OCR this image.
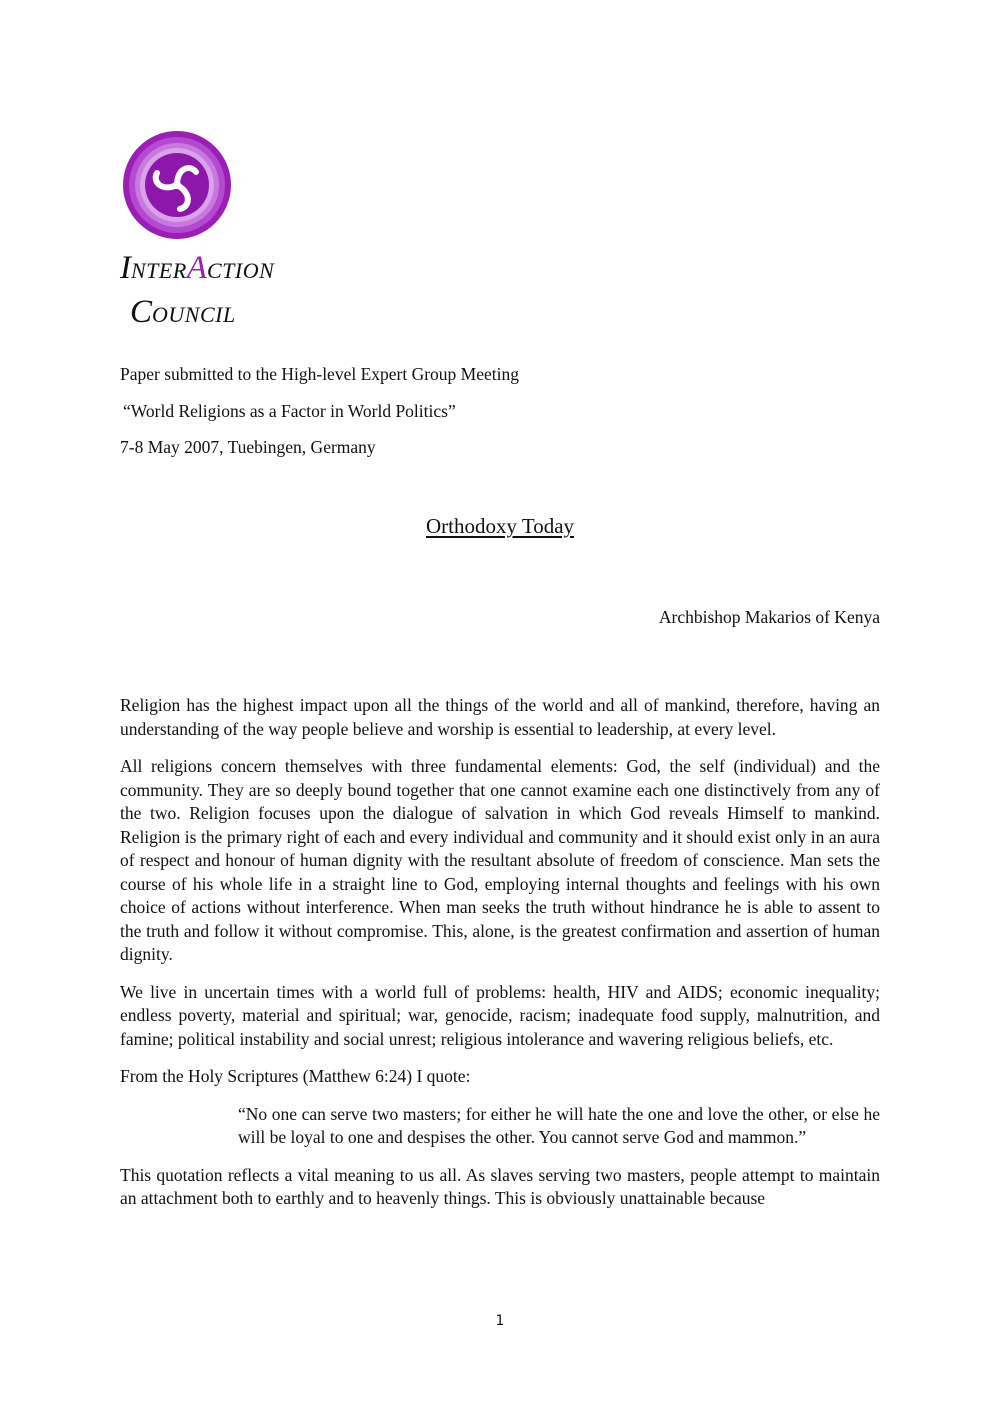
INTERACTION
COUNCIL
Paper submitted to the High-level Expert Group Meeting
“World Religions as a Factor in World Politics”
7-8 May 2007, Tuebingen, Germany
Orthodoxy Today
Archbishop Makarios of Kenya

Religion has the highest impact upon all the things of the world and all of mankind, therefore, having an understanding of the way people believe and worship is essential to leadership, at every level.

All religions concern themselves with three fundamental elements: God, the self (individual) and the community. They are so deeply bound together that one cannot examine each one distinctively from any of the two. Religion focuses upon the dialogue of salvation in which God reveals Himself to mankind. Religion is the primary right of each and every individual and community and it should exist only in an aura of respect and honour of human dignity with the resultant absolute of freedom of conscience. Man sets the course of his whole life in a straight line to God, employing internal thoughts and feelings with his own choice of actions without interference. When man seeks the truth without hindrance he is able to assent to the truth and follow it without compromise. This, alone, is the greatest confirmation and assertion of human dignity.

We live in uncertain times with a world full of problems: health, HIV and AIDS; economic inequality; endless poverty, material and spiritual; war, genocide, racism; inadequate food supply, malnutrition, and famine; political instability and social unrest; religious intolerance and wavering religious beliefs, etc.

From the Holy Scriptures (Matthew 6:24) I quote:

“No one can serve two masters; for either he will hate the one and love the other, or else he will be loyal to one and despises the other. You cannot serve God and mammon.”

This quotation reflects a vital meaning to us all. As slaves serving two masters, people attempt to maintain an attachment both to earthly and to heavenly things. This is obviously unattainable because

1
